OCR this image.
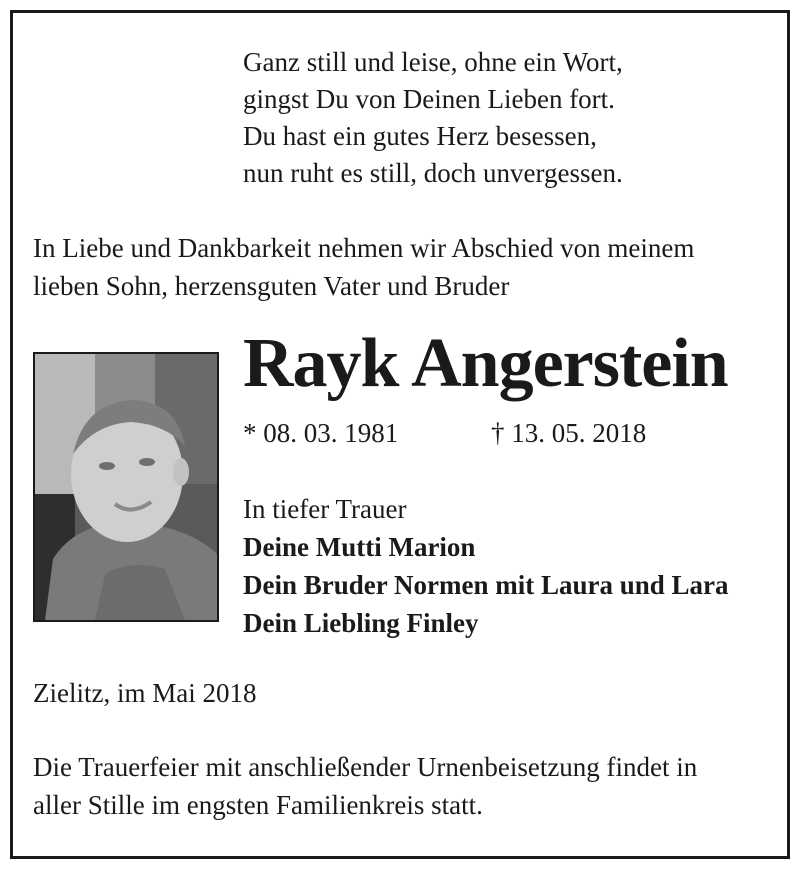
Ganz still und leise, ohne ein Wort,
gingst Du von Deinen Lieben fort.
Du hast ein gutes Herz besessen,
nun ruht es still, doch unvergessen.
In Liebe und Dankbarkeit nehmen wir Abschied von meinem
lieben Sohn, herzensguten Vater und Bruder
Rayk Angerstein
* 08. 03. 1981	† 13. 05. 2018
In tiefer Trauer
Deine Mutti Marion
Dein Bruder Normen mit Laura und Lara
Dein Liebling Finley
Zielitz, im Mai 2018
Die Trauerfeier mit anschließender Urnenbeisetzung findet in
aller Stille im engsten Familienkreis statt.
